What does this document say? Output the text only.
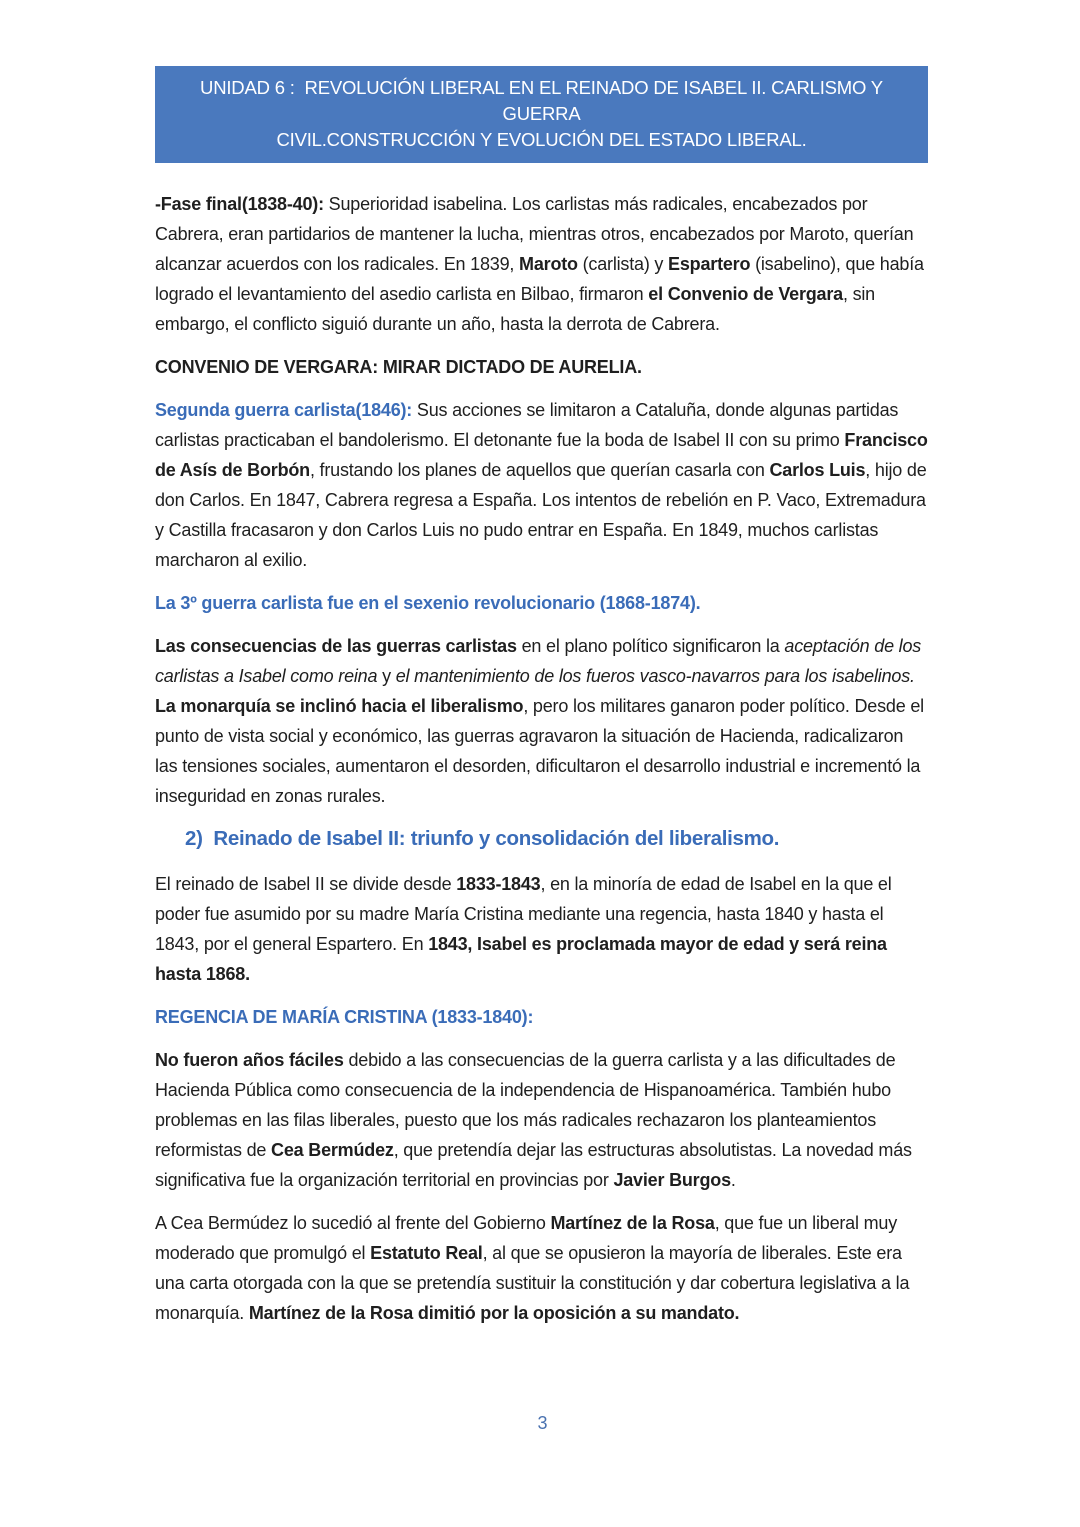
UNIDAD 6 :  REVOLUCIÓN LIBERAL EN EL REINADO DE ISABEL II. CARLISMO Y GUERRA
CIVIL.CONSTRUCCIÓN Y EVOLUCIÓN DEL ESTADO LIBERAL.

-Fase final(1838-40): Superioridad isabelina. Los carlistas más radicales, encabezados por Cabrera, eran partidarios de mantener la lucha, mientras otros, encabezados por Maroto, querían alcanzar acuerdos con los radicales. En 1839, Maroto (carlista) y Espartero (isabelino), que había logrado el levantamiento del asedio carlista en Bilbao, firmaron el Convenio de Vergara, sin embargo, el conflicto siguió durante un año, hasta la derrota de Cabrera.

CONVENIO DE VERGARA: MIRAR DICTADO DE AURELIA.

Segunda guerra carlista(1846): Sus acciones se limitaron a Cataluña, donde algunas partidas carlistas practicaban el bandolerismo. El detonante fue la boda de Isabel II con su primo Francisco de Asís de Borbón, frustando los planes de aquellos que querían casarla con Carlos Luis, hijo de don Carlos. En 1847, Cabrera regresa a España. Los intentos de rebelión en P. Vaco, Extremadura y Castilla fracasaron y don Carlos Luis no pudo entrar en España. En 1849, muchos carlistas marcharon al exilio.

La 3º guerra carlista fue en el sexenio revolucionario (1868-1874).

Las consecuencias de las guerras carlistas en el plano político significaron la aceptación de los carlistas a Isabel como reina y el mantenimiento de los fueros vasco-navarros para los isabelinos. La monarquía se inclinó hacia el liberalismo, pero los militares ganaron poder político. Desde el punto de vista social y económico, las guerras agravaron la situación de Hacienda, radicalizaron las tensiones sociales, aumentaron el desorden, dificultaron el desarrollo industrial e incrementó la inseguridad en zonas rurales.

2)  Reinado de Isabel II: triunfo y consolidación del liberalismo.

El reinado de Isabel II se divide desde 1833-1843, en la minoría de edad de Isabel en la que el poder fue asumido por su madre María Cristina mediante una regencia, hasta 1840 y hasta el 1843, por el general Espartero. En 1843, Isabel es proclamada mayor de edad y será reina hasta 1868.

REGENCIA DE MARÍA CRISTINA (1833-1840):

No fueron años fáciles debido a las consecuencias de la guerra carlista y a las dificultades de Hacienda Pública como consecuencia de la independencia de Hispanoamérica. También hubo problemas en las filas liberales, puesto que los más radicales rechazaron los planteamientos reformistas de Cea Bermúdez, que pretendía dejar las estructuras absolutistas. La novedad más significativa fue la organización territorial en provincias por Javier Burgos.

A Cea Bermúdez lo sucedió al frente del Gobierno Martínez de la Rosa, que fue un liberal muy moderado que promulgó el Estatuto Real, al que se opusieron la mayoría de liberales. Este era una carta otorgada con la que se pretendía sustituir la constitución y dar cobertura legislativa a la monarquía. Martínez de la Rosa dimitió por la oposición a su mandato.

3
